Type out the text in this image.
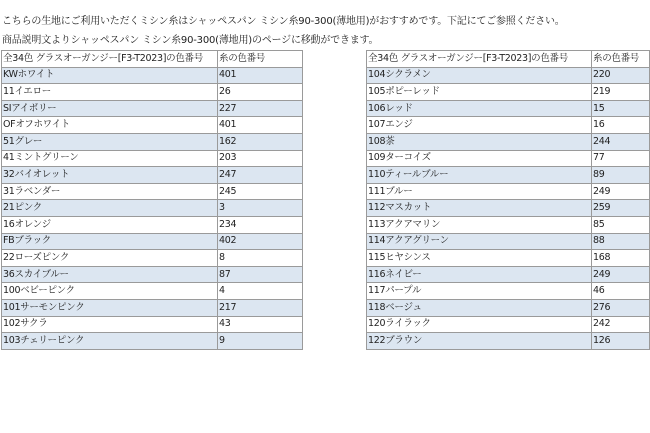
こちらの生地にご利用いただくミシン糸はシャッペスパン ミシン糸90-300(薄地用)がおすすめです。下記にてご参照ください。
商品説明文よりシャッペスパン ミシン糸90-300(薄地用)のページに移動ができます。
全34色 グラスオーガンジー[F3-T2023]の色番号	糸の色番号
KWホワイト	401
11イエロー	26
SIアイボリー	227
OFオフホワイト	401
51グレー	162
41ミントグリーン	203
32バイオレット	247
31ラベンダー	245
21ピンク	3
16オレンジ	234
FBブラック	402
22ローズピンク	8
36スカイブルー	87
100ベビーピンク	4
101サーモンピンク	217
102サクラ	43
103チェリーピンク	9
全34色 グラスオーガンジー[F3-T2023]の色番号	糸の色番号
104シクラメン	220
105ポピーレッド	219
106レッド	15
107エンジ	16
108茶	244
109ターコイズ	77
110ティールブルー	89
111ブルー	249
112マスカット	259
113アクアマリン	85
114アクアグリーン	88
115ヒヤシンス	168
116ネイビー	249
117パープル	46
118ベージュ	276
120ライラック	242
122ブラウン	126
